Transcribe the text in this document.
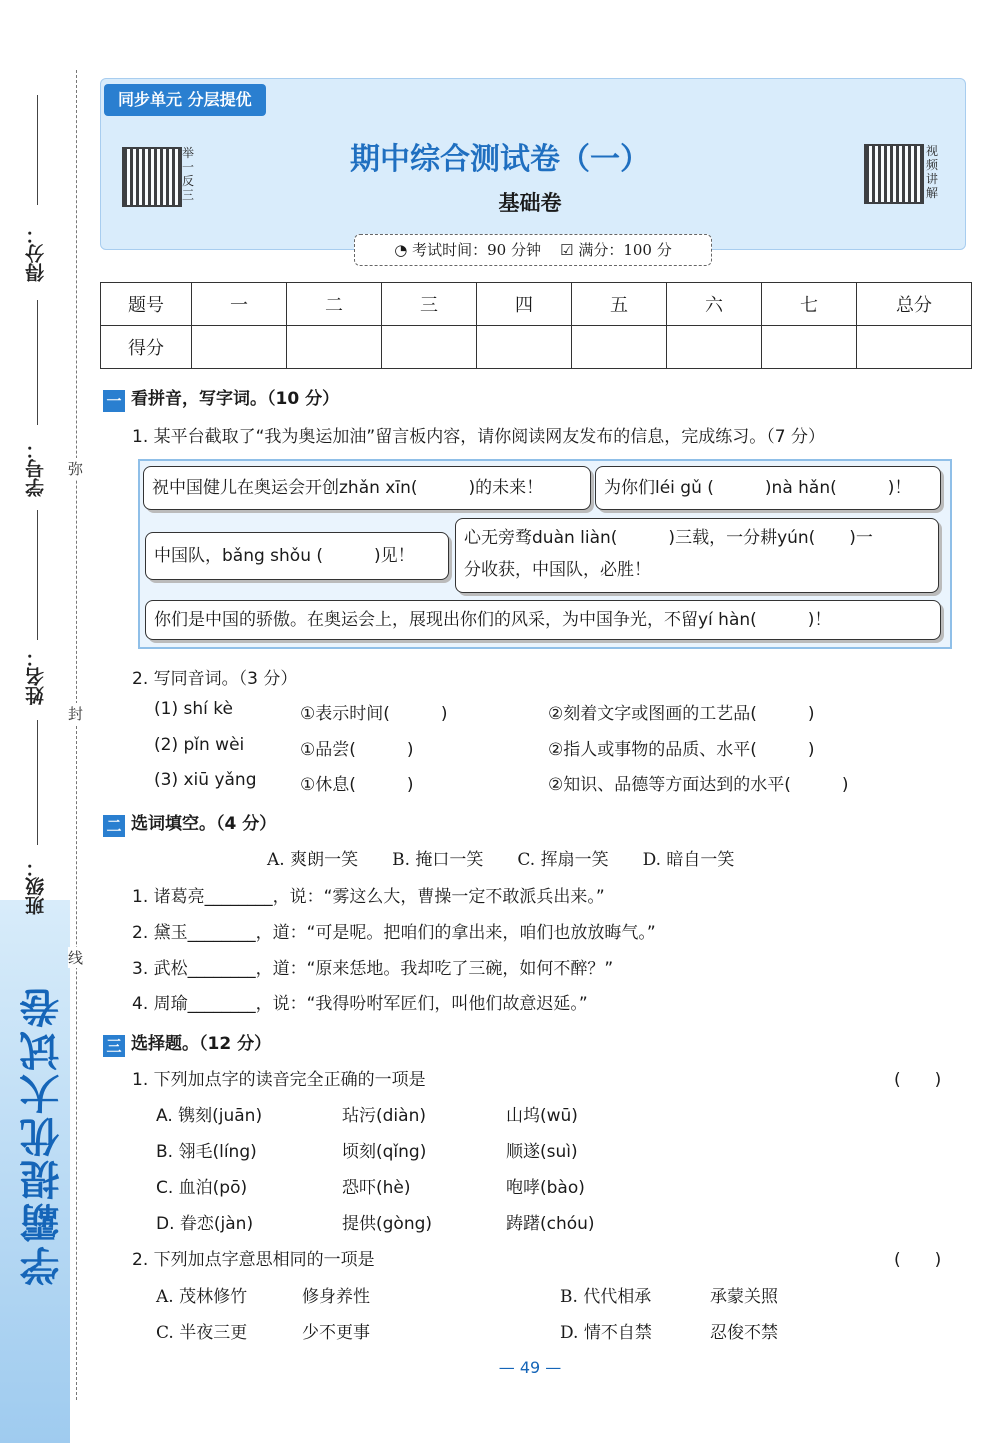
得分：
学号：
姓名：
班级：
学霸提优大试卷
弥
封
线
同步单元 分层提优
举一反三
视频讲解
期中综合测试卷（一）
基础卷
◔ 考试时间：90 分钟 ☑ 满分：100 分
题号	一	二	三	四	五	六	七	总分
得分								
一 看拼音，写字词。（10 分）
1. 某平台截取了“我为奥运加油”留言板内容，请你阅读网友发布的信息，完成练习。（7 分）
祝中国健儿在奥运会开创zhǎn xīn(　　　)的未来！	为你们léi gǔ (　　　)nà hǎn(　　　)！
中国队，bǎng shǒu (　　　)见！
心无旁骛duàn liàn(　　　)三载，一分耕yún(　　)一
分收获，中国队，必胜！
你们是中国的骄傲。在奥运会上，展现出你们的风采，为中国争光，不留yí hàn(　　　)！
2. 写同音词。（3 分）
(1) shí kè	①表示时间(　　　)	②刻着文字或图画的工艺品(　　　)
(2) pǐn wèi	①品尝(　　　)	②指人或事物的品质、水平(　　　)
(3) xiū yǎng	①休息(　　　)	②知识、品德等方面达到的水平(　　　)
二 选词填空。（4 分）
A. 爽朗一笑　　B. 掩口一笑　　C. 挥扇一笑　　D. 暗自一笑
1. 诸葛亮________，说：“雾这么大，曹操一定不敢派兵出来。”
2. 黛玉________，道：“可是呢。把咱们的拿出来，咱们也放放晦气。”
3. 武松________，道：“原来恁地。我却吃了三碗，如何不醉？”
4. 周瑜________，说：“我得吩咐军匠们，叫他们故意迟延。”
三 选择题。（12 分）
1. 下列加点字的读音完全正确的一项是	(　　)
A. 镌刻(juān)	玷污(diàn)	山坞(wū)
B. 翎毛(líng)	顷刻(qǐng)	顺遂(suì)
C. 血泊(pō)	恐吓(hè)	咆哮(bào)
D. 眷恋(jàn)	提供(gòng)	踌躇(chóu)
2. 下列加点字意思相同的一项是	(　　)
A. 茂林修竹	修身养性	B. 代代相承	承蒙关照
C. 半夜三更	少不更事	D. 情不自禁	忍俊不禁
— 49 —
